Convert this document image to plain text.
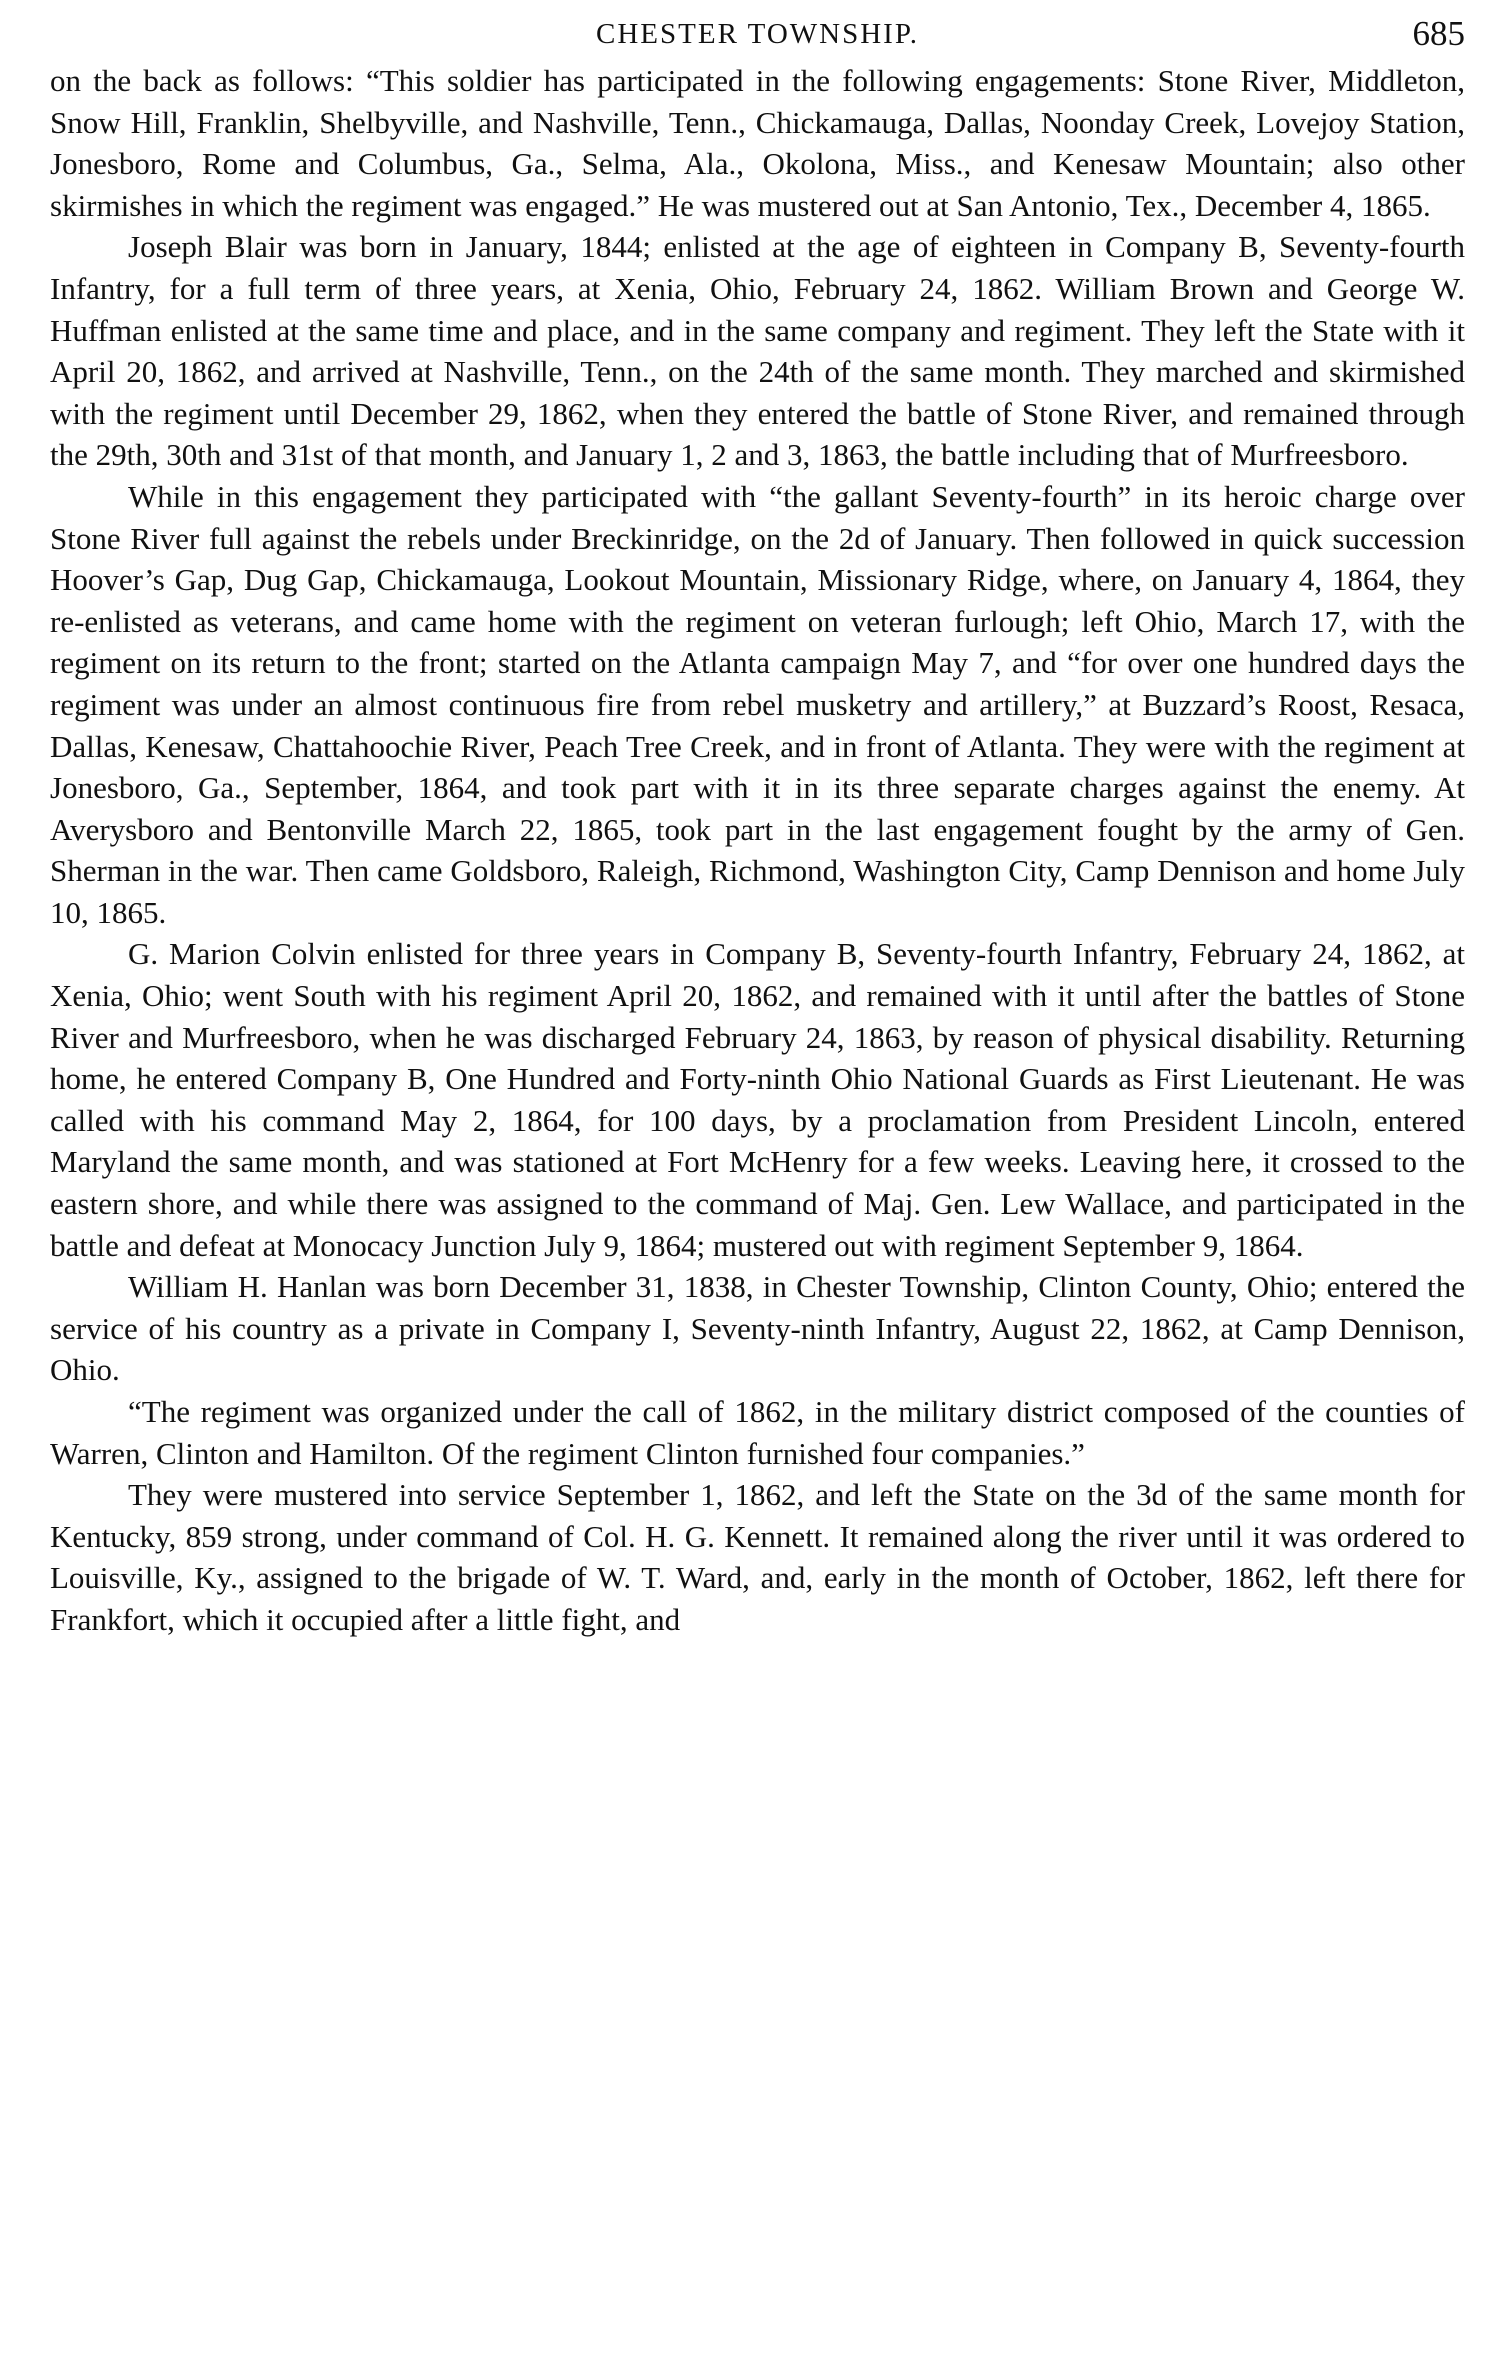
CHESTER TOWNSHIP.	685

on the back as follows: “This soldier has participated in the following engagements: Stone River, Middleton, Snow Hill, Franklin, Shelbyville, and Nashville, Tenn., Chickamauga, Dallas, Noonday Creek, Lovejoy Station, Jonesboro, Rome and Columbus, Ga., Selma, Ala., Okolona, Miss., and Kenesaw Mountain; also other skirmishes in which the regiment was engaged.” He was mustered out at San Antonio, Tex., December 4, 1865.

Joseph Blair was born in January, 1844; enlisted at the age of eighteen in Company B, Seventy-fourth Infantry, for a full term of three years, at Xenia, Ohio, February 24, 1862. William Brown and George W. Huffman enlisted at the same time and place, and in the same company and regiment. They left the State with it April 20, 1862, and arrived at Nashville, Tenn., on the 24th of the same month. They marched and skirmished with the regiment until December 29, 1862, when they entered the battle of Stone River, and remained through the 29th, 30th and 31st of that month, and January 1, 2 and 3, 1863, the battle including that of Murfreesboro.

While in this engagement they participated with “the gallant Seventy-fourth” in its heroic charge over Stone River full against the rebels under Breckinridge, on the 2d of January. Then followed in quick succession Hoover’s Gap, Dug Gap, Chickamauga, Lookout Mountain, Missionary Ridge, where, on January 4, 1864, they re-enlisted as veterans, and came home with the regiment on veteran furlough; left Ohio, March 17, with the regiment on its return to the front; started on the Atlanta campaign May 7, and “for over one hundred days the regiment was under an almost continuous fire from rebel musketry and artillery,” at Buzzard’s Roost, Resaca, Dallas, Kenesaw, Chattahoochie River, Peach Tree Creek, and in front of Atlanta. They were with the regiment at Jonesboro, Ga., September, 1864, and took part with it in its three separate charges against the enemy. At Averysboro and Bentonville March 22, 1865, took part in the last engagement fought by the army of Gen. Sherman in the war. Then came Goldsboro, Raleigh, Richmond, Washington City, Camp Dennison and home July 10, 1865.

G. Marion Colvin enlisted for three years in Company B, Seventy-fourth Infantry, February 24, 1862, at Xenia, Ohio; went South with his regiment April 20, 1862, and remained with it until after the battles of Stone River and Murfreesboro, when he was discharged February 24, 1863, by reason of physical disability. Returning home, he entered Company B, One Hundred and Forty-ninth Ohio National Guards as First Lieutenant. He was called with his command May 2, 1864, for 100 days, by a proclamation from President Lincoln, entered Maryland the same month, and was stationed at Fort McHenry for a few weeks. Leaving here, it crossed to the eastern shore, and while there was assigned to the command of Maj. Gen. Lew Wallace, and participated in the battle and defeat at Monocacy Junction July 9, 1864; mustered out with regiment September 9, 1864.

William H. Hanlan was born December 31, 1838, in Chester Township, Clinton County, Ohio; entered the service of his country as a private in Company I, Seventy-ninth Infantry, August 22, 1862, at Camp Dennison, Ohio.

“The regiment was organized under the call of 1862, in the military district composed of the counties of Warren, Clinton and Hamilton. Of the regiment Clinton furnished four companies.”

They were mustered into service September 1, 1862, and left the State on the 3d of the same month for Kentucky, 859 strong, under command of Col. H. G. Kennett. It remained along the river until it was ordered to Louisville, Ky., assigned to the brigade of W. T. Ward, and, early in the month of October, 1862, left there for Frankfort, which it occupied after a little fight, and
